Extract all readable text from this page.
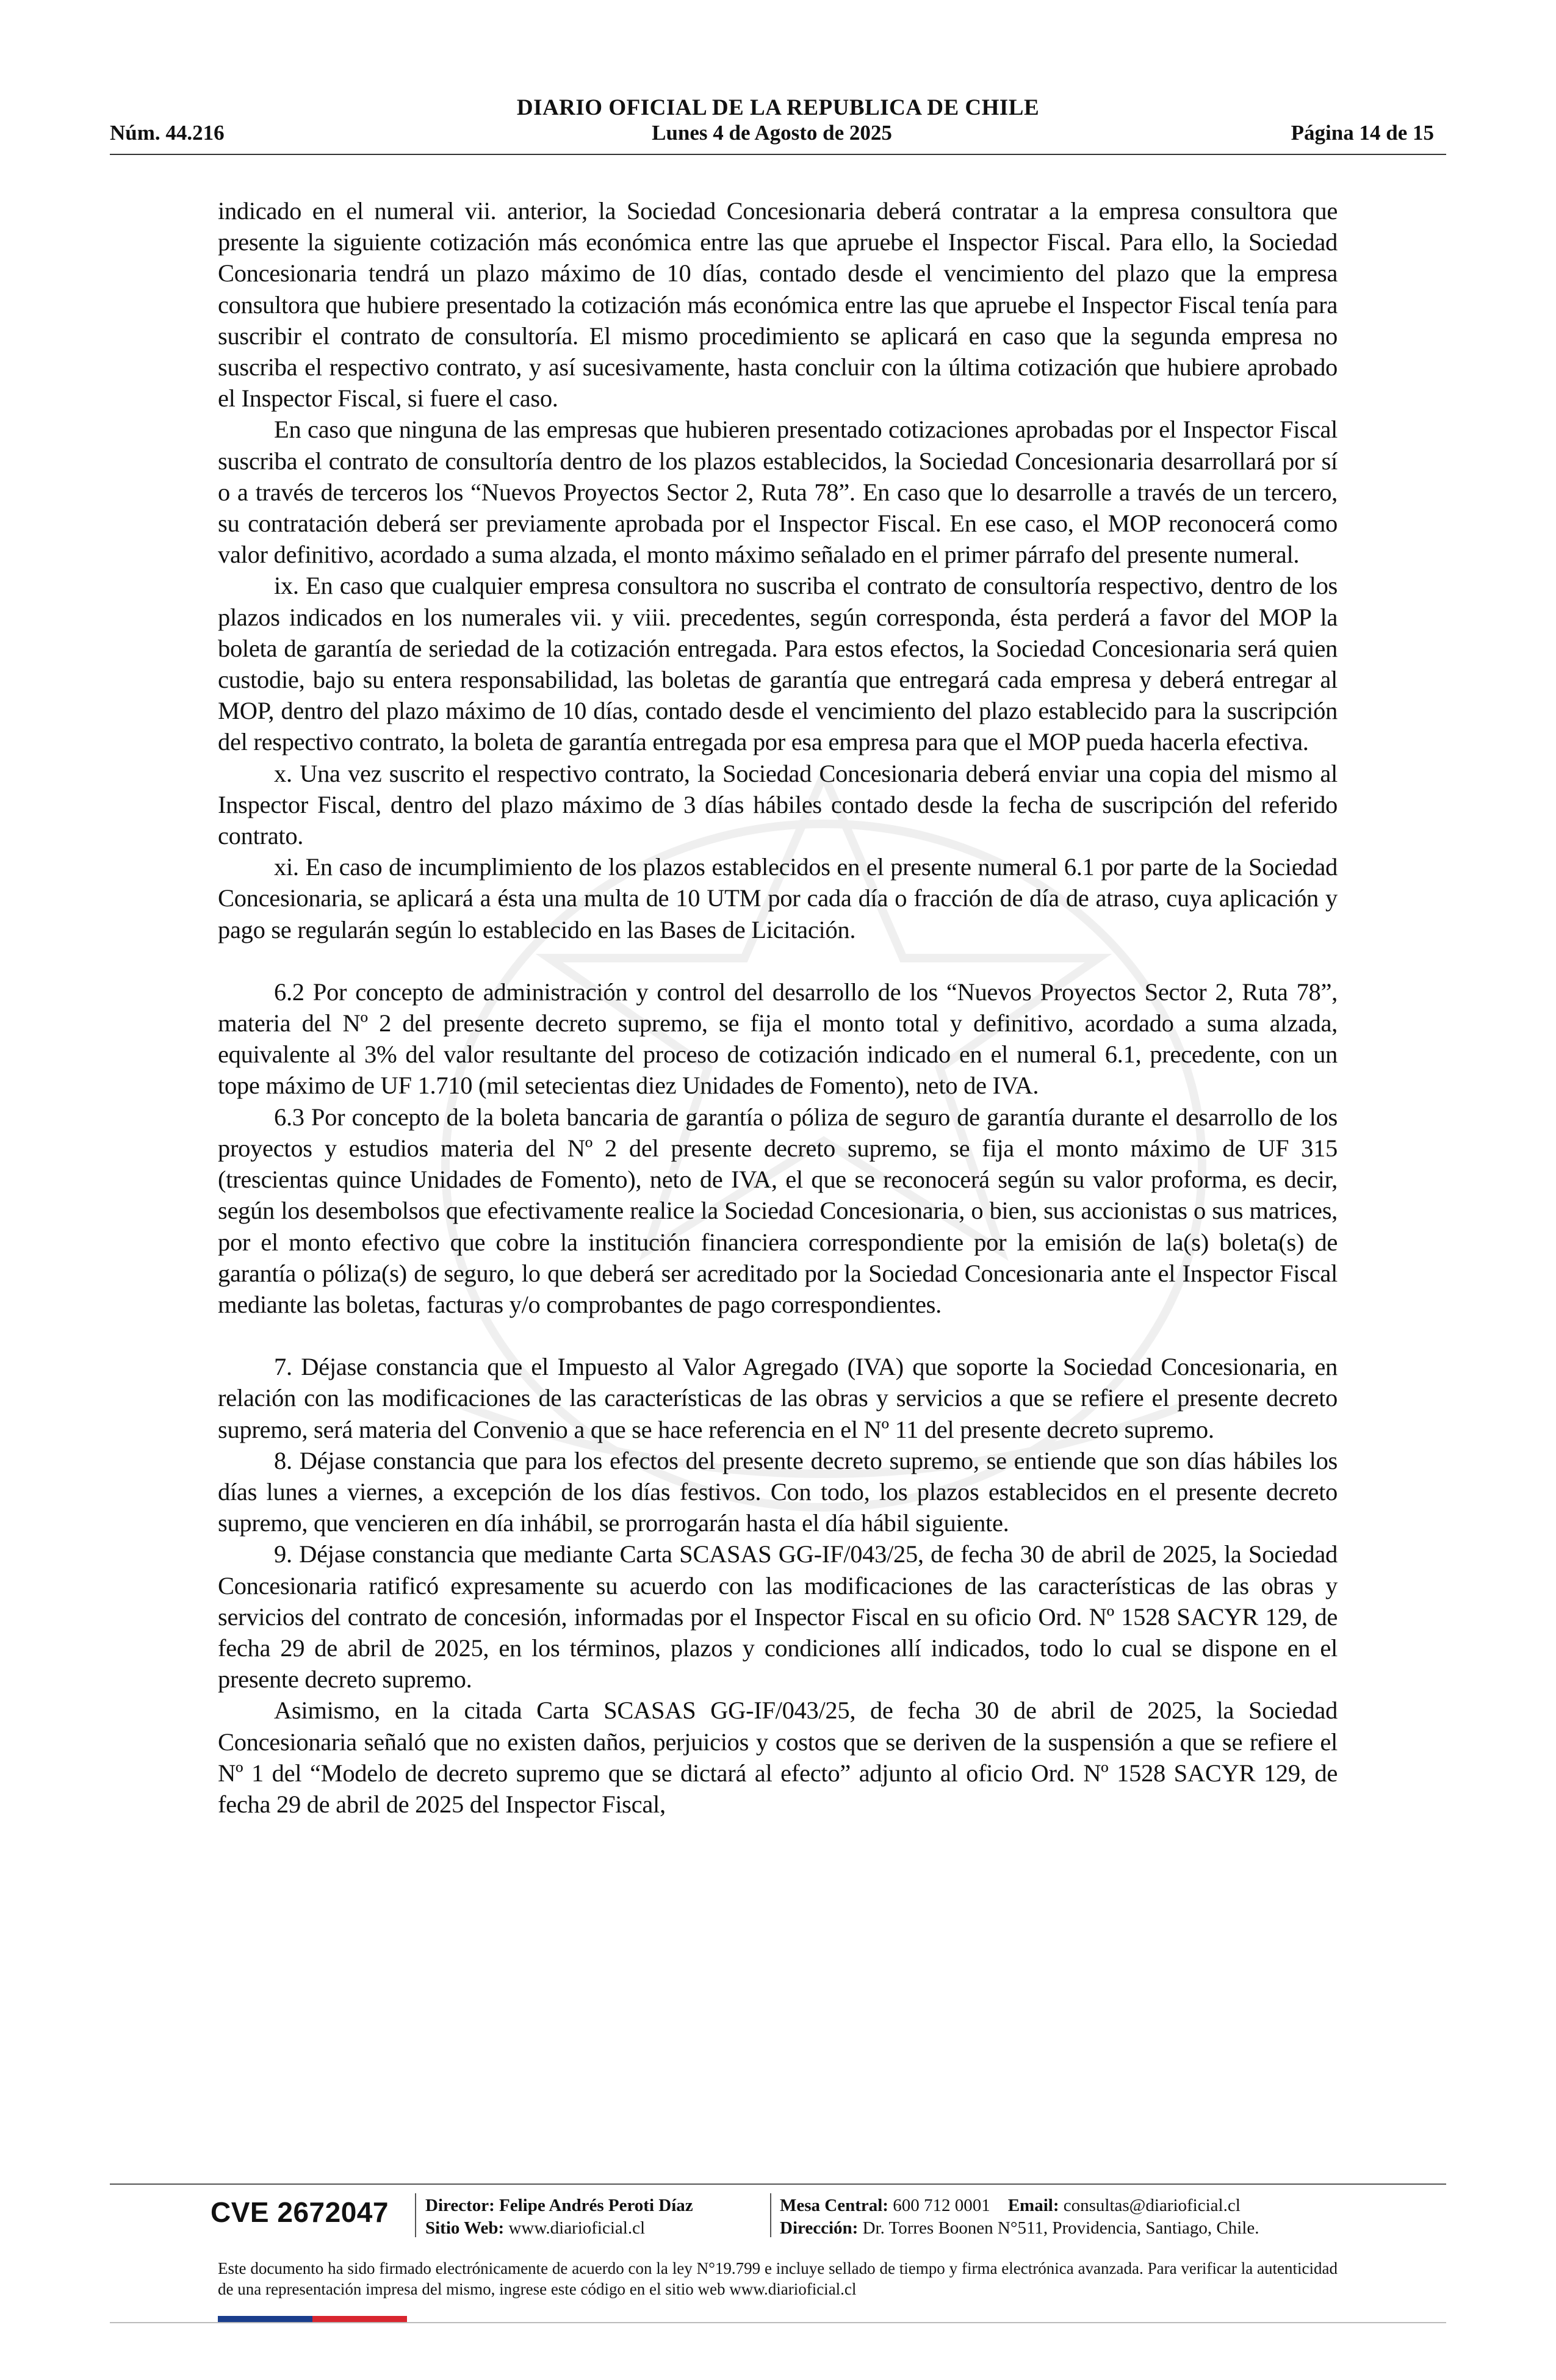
DIARIO OFICIAL DE LA REPUBLICA DE CHILE
Núm. 44.216	Lunes 4 de Agosto de 2025	Página 14 de 15

indicado en el numeral vii. anterior, la Sociedad Concesionaria deberá contratar a la empresa consultora que presente la siguiente cotización más económica entre las que apruebe el Inspector Fiscal. Para ello, la Sociedad Concesionaria tendrá un plazo máximo de 10 días, contado desde el vencimiento del plazo que la empresa consultora que hubiere presentado la cotización más económica entre las que apruebe el Inspector Fiscal tenía para suscribir el contrato de consultoría. El mismo procedimiento se aplicará en caso que la segunda empresa no suscriba el respectivo contrato, y así sucesivamente, hasta concluir con la última cotización que hubiere aprobado el Inspector Fiscal, si fuere el caso.

En caso que ninguna de las empresas que hubieren presentado cotizaciones aprobadas por el Inspector Fiscal suscriba el contrato de consultoría dentro de los plazos establecidos, la Sociedad Concesionaria desarrollará por sí o a través de terceros los “Nuevos Proyectos Sector 2, Ruta 78”. En caso que lo desarrolle a través de un tercero, su contratación deberá ser previamente aprobada por el Inspector Fiscal. En ese caso, el MOP reconocerá como valor definitivo, acordado a suma alzada, el monto máximo señalado en el primer párrafo del presente numeral.

ix. En caso que cualquier empresa consultora no suscriba el contrato de consultoría respectivo, dentro de los plazos indicados en los numerales vii. y viii. precedentes, según corresponda, ésta perderá a favor del MOP la boleta de garantía de seriedad de la cotización entregada. Para estos efectos, la Sociedad Concesionaria será quien custodie, bajo su entera responsabilidad, las boletas de garantía que entregará cada empresa y deberá entregar al MOP, dentro del plazo máximo de 10 días, contado desde el vencimiento del plazo establecido para la suscripción del respectivo contrato, la boleta de garantía entregada por esa empresa para que el MOP pueda hacerla efectiva.

x. Una vez suscrito el respectivo contrato, la Sociedad Concesionaria deberá enviar una copia del mismo al Inspector Fiscal, dentro del plazo máximo de 3 días hábiles contado desde la fecha de suscripción del referido contrato.

xi. En caso de incumplimiento de los plazos establecidos en el presente numeral 6.1 por parte de la Sociedad Concesionaria, se aplicará a ésta una multa de 10 UTM por cada día o fracción de día de atraso, cuya aplicación y pago se regularán según lo establecido en las Bases de Licitación.

6.2 Por concepto de administración y control del desarrollo de los “Nuevos Proyectos Sector 2, Ruta 78”, materia del Nº 2 del presente decreto supremo, se fija el monto total y definitivo, acordado a suma alzada, equivalente al 3% del valor resultante del proceso de cotización indicado en el numeral 6.1, precedente, con un tope máximo de UF 1.710 (mil setecientas diez Unidades de Fomento), neto de IVA.

6.3 Por concepto de la boleta bancaria de garantía o póliza de seguro de garantía durante el desarrollo de los proyectos y estudios materia del Nº 2 del presente decreto supremo, se fija el monto máximo de UF 315 (trescientas quince Unidades de Fomento), neto de IVA, el que se reconocerá según su valor proforma, es decir, según los desembolsos que efectivamente realice la Sociedad Concesionaria, o bien, sus accionistas o sus matrices, por el monto efectivo que cobre la institución financiera correspondiente por la emisión de la(s) boleta(s) de garantía o póliza(s) de seguro, lo que deberá ser acreditado por la Sociedad Concesionaria ante el Inspector Fiscal mediante las boletas, facturas y/o comprobantes de pago correspondientes.

7. Déjase constancia que el Impuesto al Valor Agregado (IVA) que soporte la Sociedad Concesionaria, en relación con las modificaciones de las características de las obras y servicios a que se refiere el presente decreto supremo, será materia del Convenio a que se hace referencia en el Nº 11 del presente decreto supremo.

8. Déjase constancia que para los efectos del presente decreto supremo, se entiende que son días hábiles los días lunes a viernes, a excepción de los días festivos. Con todo, los plazos establecidos en el presente decreto supremo, que vencieren en día inhábil, se prorrogarán hasta el día hábil siguiente.

9. Déjase constancia que mediante Carta SCASAS GG-IF/043/25, de fecha 30 de abril de 2025, la Sociedad Concesionaria ratificó expresamente su acuerdo con las modificaciones de las características de las obras y servicios del contrato de concesión, informadas por el Inspector Fiscal en su oficio Ord. Nº 1528 SACYR 129, de fecha 29 de abril de 2025, en los términos, plazos y condiciones allí indicados, todo lo cual se dispone en el presente decreto supremo.

Asimismo, en la citada Carta SCASAS GG-IF/043/25, de fecha 30 de abril de 2025, la Sociedad Concesionaria señaló que no existen daños, perjuicios y costos que se deriven de la suspensión a que se refiere el Nº 1 del “Modelo de decreto supremo que se dictará al efecto” adjunto al oficio Ord. Nº 1528 SACYR 129, de fecha 29 de abril de 2025 del Inspector Fiscal,

CVE 2672047 Director: Felipe Andrés Peroti Díaz
Sitio Web: www.diarioficial.cl
Mesa Central: 600 712 0001 Email: consultas@diarioficial.cl
Dirección: Dr. Torres Boonen N°511, Providencia, Santiago, Chile.
Este documento ha sido firmado electrónicamente de acuerdo con la ley N°19.799 e incluye sellado de tiempo y firma electrónica avanzada. Para verificar la autenticidad de una representación impresa del mismo, ingrese este código en el sitio web www.diarioficial.cl
